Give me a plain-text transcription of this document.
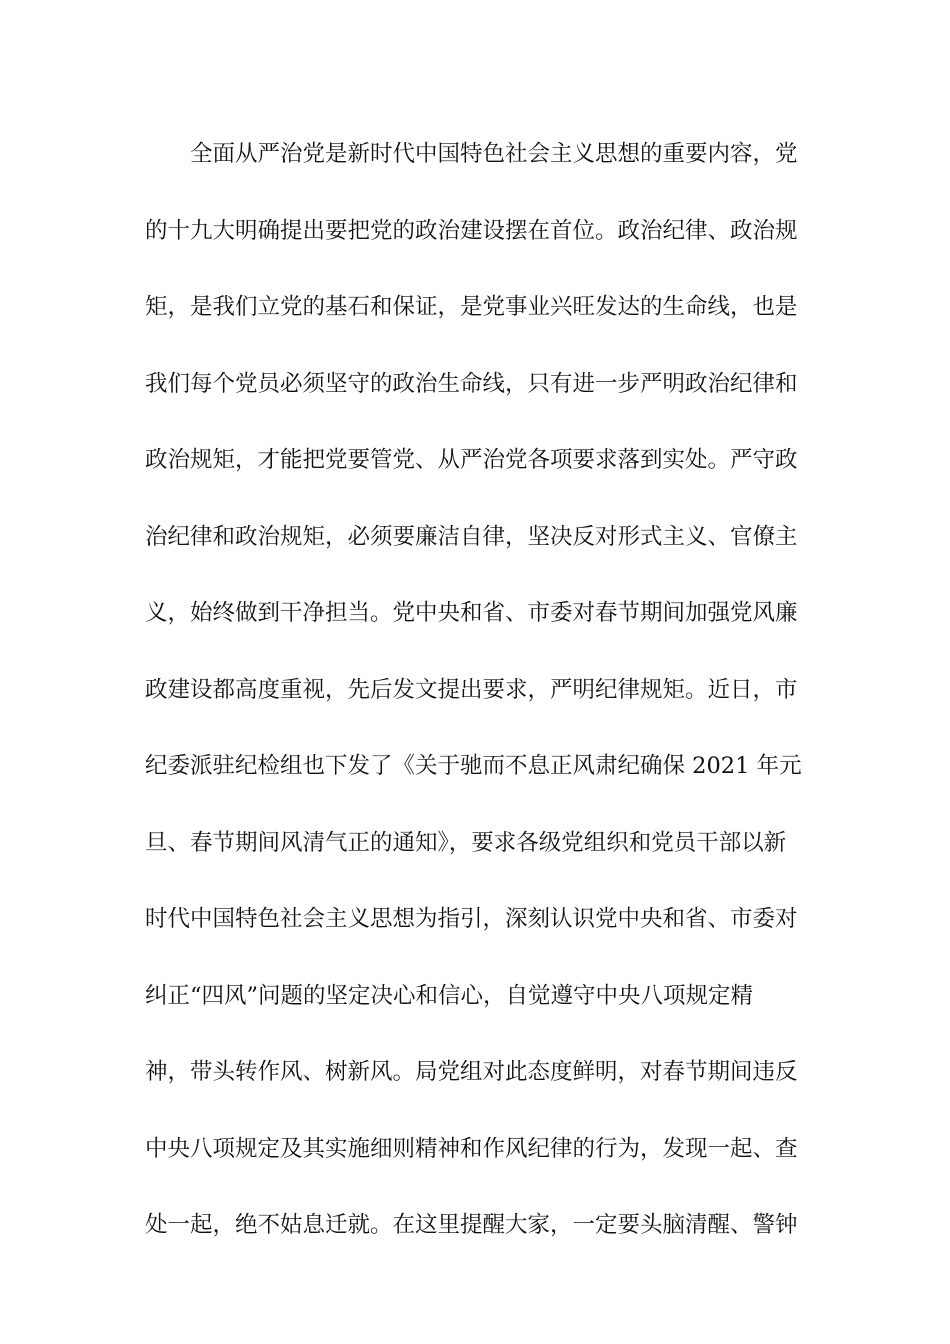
全面从严治党是新时代中国特色社会主义思想的重要内容，党
的十九大明确提出要把党的政治建设摆在首位。政治纪律、政治规
矩，是我们立党的基石和保证，是党事业兴旺发达的生命线，也是
我们每个党员必须坚守的政治生命线，只有进一步严明政治纪律和
政治规矩，才能把党要管党、从严治党各项要求落到实处。严守政
治纪律和政治规矩，必须要廉洁自律，坚决反对形式主义、官僚主
义，始终做到干净担当。党中央和省、市委对春节期间加强党风廉
政建设都高度重视，先后发文提出要求，严明纪律规矩。近日，市
纪委派驻纪检组也下发了《关于驰而不息正风肃纪确保 2021 年元
旦、春节期间风清气正的通知》，要求各级党组织和党员干部以新
时代中国特色社会主义思想为指引，深刻认识党中央和省、市委对
纠正“四风”问题的坚定决心和信心，自觉遵守中央八项规定精
神，带头转作风、树新风。局党组对此态度鲜明，对春节期间违反
中央八项规定及其实施细则精神和作风纪律的行为，发现一起、查
处一起，绝不姑息迁就。在这里提醒大家，一定要头脑清醒、警钟
